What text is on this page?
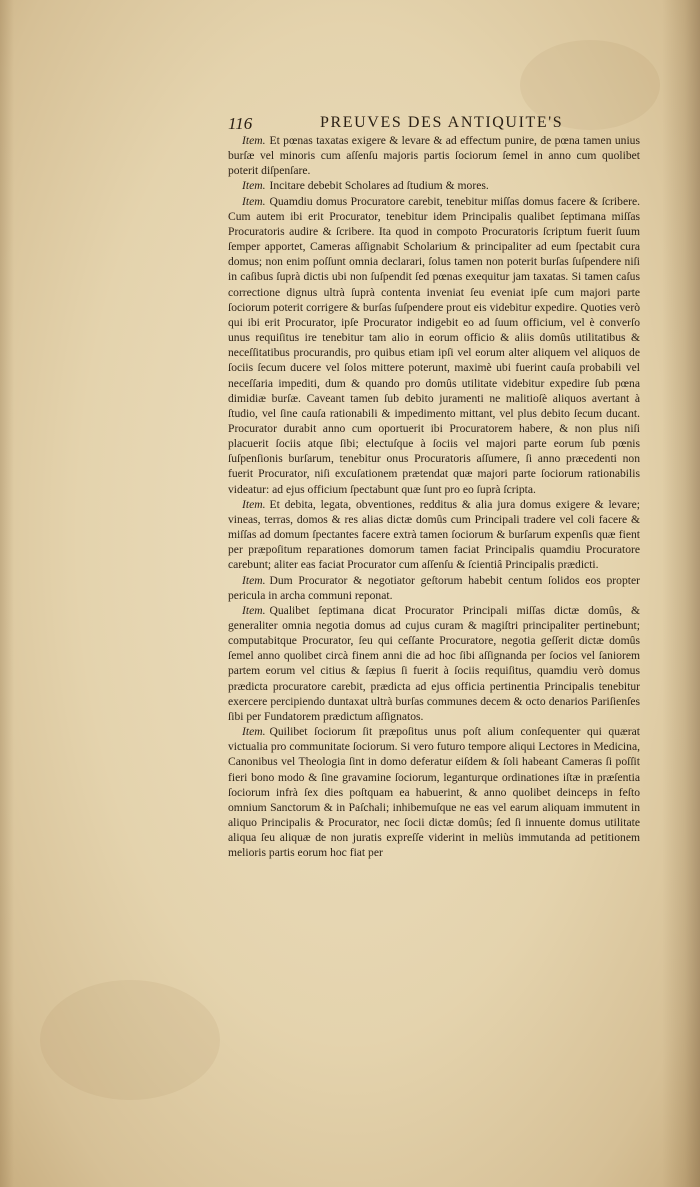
116	PREUVES DES ANTIQUITE'S

Item. Et pœnas taxatas exigere & levare & ad effectum punire, de pœna tamen unius burſæ vel minoris cum aſſenſu majoris partis ſociorum ſemel in anno cum quolibet poterit diſpenſare.

Item. Incitare debebit Scholares ad ſtudium & mores.

Item. Quamdiu domus Procuratore carebit, tenebitur miſſas domus facere & ſcribere. Cum autem ibi erit Procurator, tenebitur idem Principalis qualibet ſeptimana miſſas Procuratoris audire & ſcribere. Ita quod in compoto Procuratoris ſcriptum fuerit ſuum ſemper apportet, Cameras aſſignabit Scholarium & principaliter ad eum ſpectabit cura domus; non enim poſſunt omnia declarari, ſolus tamen non poterit burſas ſuſpendere niſi in caſibus ſuprà dictis ubi non ſuſpendit ſed pœnas exequitur jam taxatas. Si tamen caſus correctione dignus ultrà ſuprà contenta inveniat ſeu eveniat ipſe cum majori parte ſociorum poterit corrigere & burſas ſuſpendere prout eis videbitur expedire. Quoties verò qui ibi erit Procurator, ipſe Procurator indigebit eo ad ſuum officium, vel è converſo unus requiſitus ire tenebitur tam alio in eorum officio & aliis domûs utilitatibus & neceſſitatibus procurandis, pro quibus etiam ipſi vel eorum alter aliquem vel aliquos de ſociis ſecum ducere vel ſolos mittere poterunt, maximè ubi fuerint cauſa probabili vel neceſſaria impediti, dum & quando pro domûs utilitate videbitur expedire ſub pœna dimidiæ burſæ. Caveant tamen ſub debito juramenti ne malitioſè aliquos avertant à ſtudio, vel ſine cauſa rationabili & impedimento mittant, vel plus debito ſecum ducant. Procurator durabit anno cum oportuerit ibi Procuratorem habere, & non plus niſi placuerit ſociis atque ſibi; electuſque à ſociis vel majori parte eorum ſub pœnis ſuſpenſionis burſarum, tenebitur onus Procuratoris aſſumere, ſi anno præcedenti non fuerit Procurator, niſi excuſationem prætendat quæ majori parte ſociorum rationabilis videatur: ad ejus officium ſpectabunt quæ ſunt pro eo ſuprà ſcripta.

Item. Et debita, legata, obventiones, redditus & alia jura domus exigere & levare; vineas, terras, domos & res alias dictæ domûs cum Principali tradere vel coli facere & miſſas ad domum ſpectantes facere extrà tamen ſociorum & burſarum expenſis quæ fient per præpoſitum reparationes domorum tamen faciat Principalis quamdiu Procuratore carebunt; aliter eas faciat Procurator cum aſſenſu & ſcientiâ Principalis prædicti.

Item. Dum Procurator & negotiator geſtorum habebit centum ſolidos eos propter pericula in archa communi reponat.

Item. Qualibet ſeptimana dicat Procurator Principali miſſas dictæ domûs, & generaliter omnia negotia domus ad cujus curam & magiſtri principaliter pertinebunt; computabitque Procurator, ſeu qui ceſſante Procuratore, negotia geſſerit dictæ domûs ſemel anno quolibet circà finem anni die ad hoc ſibi aſſignanda per ſocios vel ſaniorem partem eorum vel citius & ſæpius ſi fuerit à ſociis requiſitus, quamdiu verò domus prædicta procuratore carebit, prædicta ad ejus officia pertinentia Principalis tenebitur exercere percipiendo duntaxat ultrà burſas communes decem & octo denarios Pariſienſes ſibi per Fundatorem prædictum aſſignatos.

Item. Quilibet ſociorum ſit præpoſitus unus poſt alium conſequenter qui quærat victualia pro communitate ſociorum. Si vero futuro tempore aliqui Lectores in Medicina, Canonibus vel Theologia ſint in domo deferatur eiſdem & ſoli habeant Cameras ſi poſſit fieri bono modo & ſine gravamine ſociorum, leganturque ordinationes iſtæ in præſentia ſociorum infrà ſex dies poſtquam ea habuerint, & anno quolibet deinceps in feſto omnium Sanctorum & in Paſchali; inhibemuſque ne eas vel earum aliquam immutent in aliquo Principalis & Procurator, nec ſocii dictæ domûs; ſed ſi innuente domus utilitate aliqua ſeu aliquæ de non juratis expreſſe viderint in meliùs immutanda ad petitionem melioris partis eorum hoc fiat per
